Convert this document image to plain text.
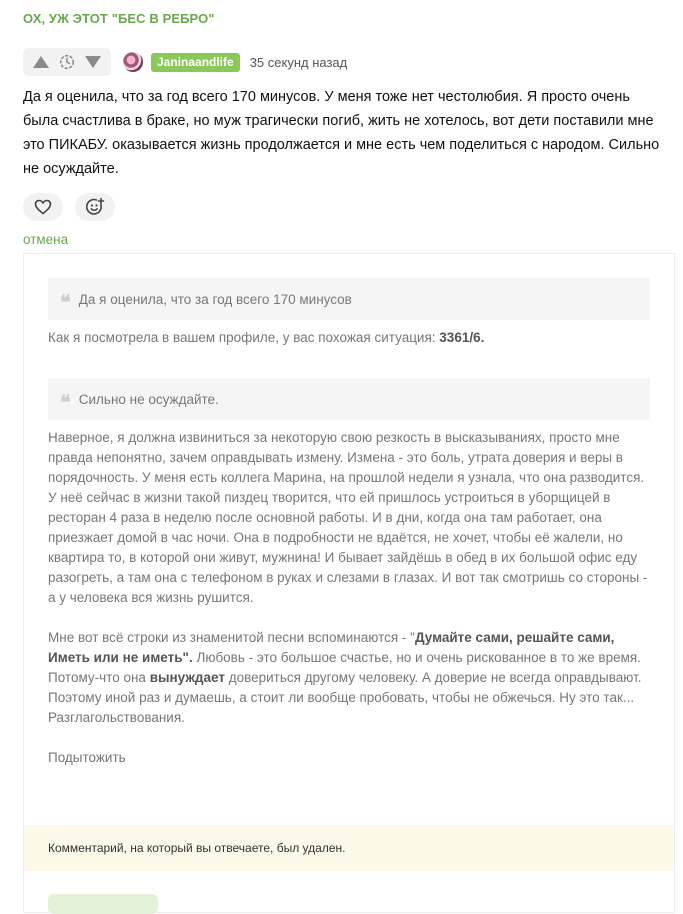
ОХ, УЖ ЭТОТ "БЕС В РЕБРО"
Janinaandlife	35 секунд назад
Да я оценила, что за год всего 170 минусов. У меня тоже нет честолюбия. Я просто очень была счастлива в браке, но муж трагически погиб, жить не хотелось, вот дети поставили мне это ПИКАБУ. оказывается жизнь продолжается и мне есть чем поделиться с народом. Сильно не осуждайте.
отмена
❝ Да я оценила, что за год всего 170 минусов
Как я посмотрела в вашем профиле, у вас похожая ситуация: 3361/6.
❝ Сильно не осуждайте.
Наверное, я должна извиниться за некоторую свою резкость в высказываниях, просто мне правда непонятно, зачем оправдывать измену. Измена - это боль, утрата доверия и веры в порядочность. У меня есть коллега Марина, на прошлой недели я узнала, что она разводится. У неё сейчас в жизни такой пиздец творится, что ей пришлось устроиться в уборщицей в ресторан 4 раза в неделю после основной работы. И в дни, когда она там работает, она приезжает домой в час ночи. Она в подробности не вдаётся, не хочет, чтобы её жалели, но квартира то, в которой они живут, мужнина! И бывает зайдёшь в обед в их большой офис еду разогреть, а там она с телефоном в руках и слезами в глазах. И вот так смотришь со стороны - а у человека вся жизнь рушится.
Мне вот всё строки из знаменитой песни вспоминаются - "Думайте сами, решайте сами, Иметь или не иметь". Любовь - это большое счастье, но и очень рискованное в то же время. Потому-что она вынуждает довериться другому человеку. А доверие не всегда оправдывают. Поэтому иной раз и думаешь, а стоит ли вообще пробовать, чтобы не обжечься. Ну это так... Разглагольствования.
Подытожить
Комментарий, на который вы отвечаете, был удален.
